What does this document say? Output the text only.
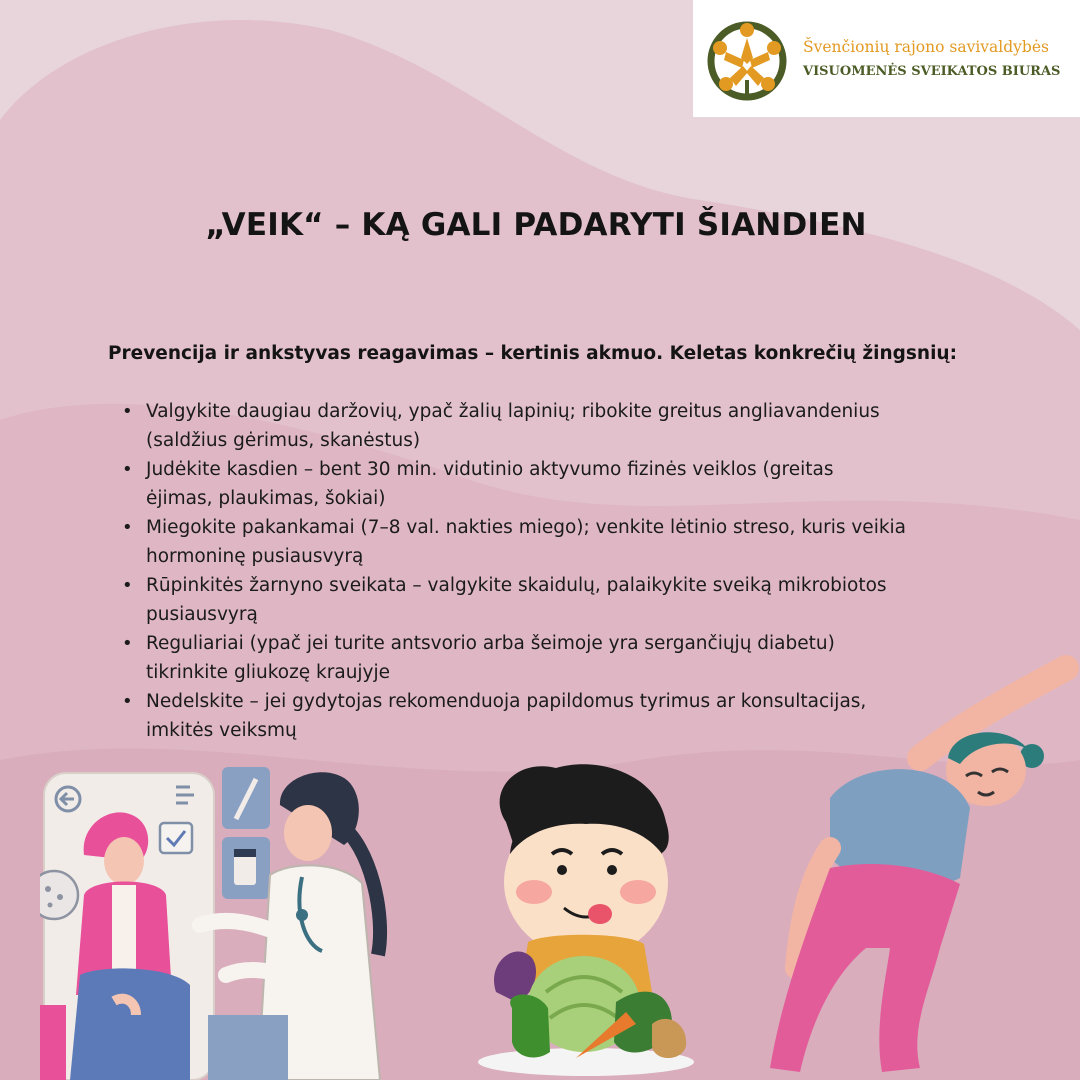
Švenčionių rajono savivaldybės
VISUOMENĖS SVEIKATOS BIURAS
„VEIK“ – KĄ GALI PADARYTI ŠIANDIEN

Prevencija ir ankstyvas reagavimas – kertinis akmuo. Keletas konkrečių žingsnių:

• Valgykite daugiau daržovių, ypač žalių lapinių; ribokite greitus angliavandenius
(saldžius gėrimus, skanėstus)
• Judėkite kasdien – bent 30 min. vidutinio aktyvumo fizinės veiklos (greitas
ėjimas, plaukimas, šokiai)
• Miegokite pakankamai (7–8 val. nakties miego); venkite lėtinio streso, kuris veikia
hormoninę pusiausvyrą
• Rūpinkitės žarnyno sveikata – valgykite skaidulų, palaikykite sveiką mikrobiotos
pusiausvyrą
• Reguliariai (ypač jei turite antsvorio arba šeimoje yra sergančiųjų diabetu)
tikrinkite gliukozę kraujyje
• Nedelskite – jei gydytojas rekomenduoja papildomus tyrimus ar konsultacijas,
imkitės veiksmų
